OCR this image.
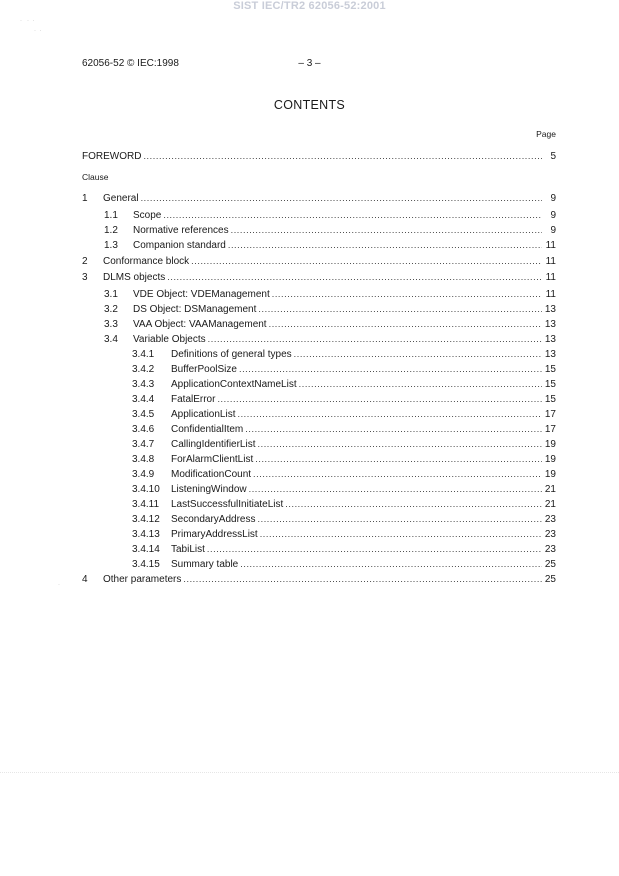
SIST IEC/TR2 62056-52:2001
·   ·  ·
·  ·
62056-52 © IEC:1998	– 3 –
CONTENTS
Page
Clause
FOREWORD .....	5
1	General .....	9
1.1	Scope .....	9
1.2	Normative references .....	9
1.3	Companion standard .....	11
2	Conformance block .....	11
3	DLMS objects .....	11
3.1	VDE Object: VDEManagement .....	11
3.2	DS Object: DSManagement .....	13
3.3	VAA Object: VAAManagement .....	13
3.4	Variable Objects .....	13
3.4.1	Definitions of general types .....	13
3.4.2	BufferPoolSize .....	15
3.4.3	ApplicationContextNameList .....	15
3.4.4	FatalError .....	15
3.4.5	ApplicationList .....	17
3.4.6	ConfidentialItem .....	17
3.4.7	CallingIdentifierList .....	19
3.4.8	ForAlarmClientList .....	19
3.4.9	ModificationCount .....	19
3.4.10	ListeningWindow .....	21
3.4.11	LastSuccessfulInitiateList .....	21
3.4.12	SecondaryAddress .....	23
3.4.13	PrimaryAddressList .....	23
3.4.14	TabiList .....	23
3.4.15	Summary table .....	25
4	Other parameters .....	25
·
